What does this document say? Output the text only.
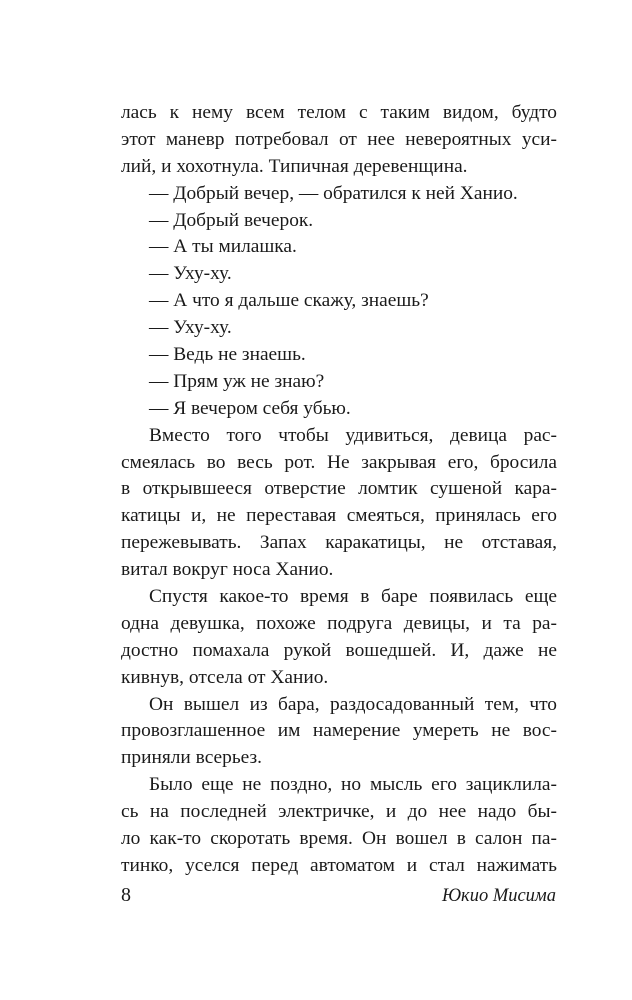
лась к нему всем телом с таким видом, будто
этот маневр потребовал от нее невероятных уси-
лий, и хохотнула. Типичная деревенщина.
— Добрый вечер, — обратился к ней Ханио.
— Добрый вечерок.
— А ты милашка.
— Уху-ху.
— А что я дальше скажу, знаешь?
— Уху-ху.
— Ведь не знаешь.
— Прям уж не знаю?
— Я вечером себя убью.
Вместо того чтобы удивиться, девица рас-
смеялась во весь рот. Не закрывая его, бросила
в открывшееся отверстие ломтик сушеной кара-
катицы и, не переставая смеяться, принялась его
пережевывать. Запах каракатицы, не отставая,
витал вокруг носа Ханио.
Спустя какое-то время в баре появилась еще
одна девушка, похоже подруга девицы, и та ра-
достно помахала рукой вошедшей. И, даже не
кивнув, отсела от Ханио.
Он вышел из бара, раздосадованный тем, что
провозглашенное им намерение умереть не вос-
приняли всерьез.
Было еще не поздно, но мысль его зациклила-
сь на последней электричке, и до нее надо бы-
ло как-то скоротать время. Он вошел в салон па-
тинко, уселся перед автоматом и стал нажимать
8	Юкио Мисима
